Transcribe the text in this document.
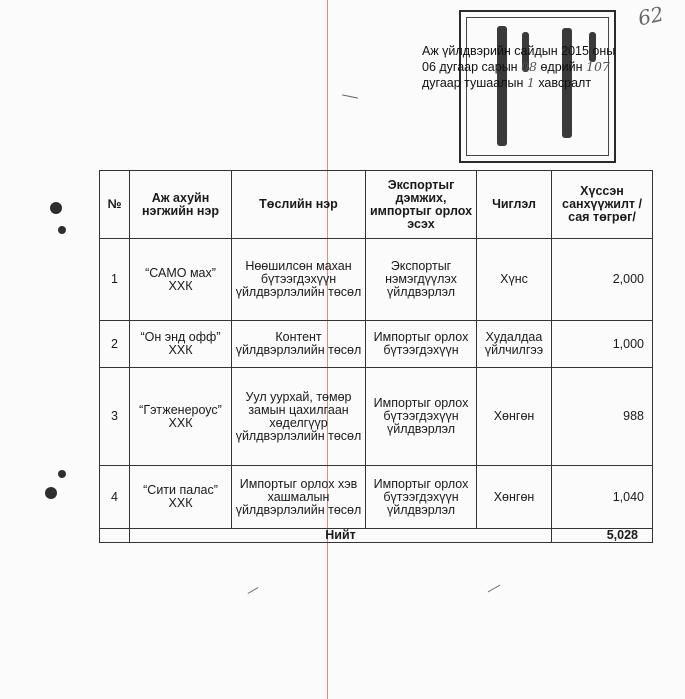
62
Аж үйлдвэрийн сайдын 2015 оны
06 дугаар сарын 08 өдрийн 107
дугаар тушаалын 1 хавсралт
№	Аж ахуйн нэгжийн нэр	Төслийн нэр	Экспортыг дэмжих, импортыг орлох эсэх	Чиглэл	Хүссэн санхүүжилт /сая төгрөг/
1	“САМО мах” ХХК	Нөөшилсөн махан бүтээгдэхүүн үйлдвэрлэлийн төсөл	Экспортыг нэмэгдүүлэх үйлдвэрлэл	Хүнс	2,000
2	“Он энд офф” ХХК	Контент үйлдвэрлэлийн төсөл	Импортыг орлох бүтээгдэхүүн	Худалдаа үйлчилгээ	1,000
3	“Гэтженероус” ХХК	Уул уурхай, төмөр замын цахилгаан хөделгүүр үйлдвэрлэлийн төсөл	Импортыг орлох бүтээгдэхүүн үйлдвэрлэл	Хөнгөн	988
4	“Сити палас” ХХК	Импортыг орлох хэв хашмалын үйлдвэрлэлийн төсөл	Импортыг орлох бүтээгдэхүүн үйлдвэрлэл	Хөнгөн	1,040
	Нийт				5,028
